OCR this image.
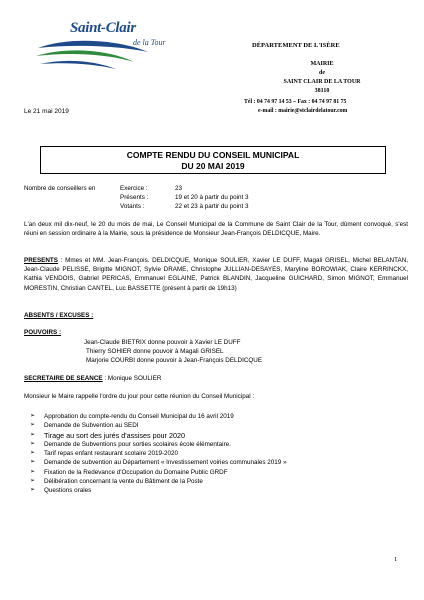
Saint-Clair
de la Tour	DÉPARTEMENT DE L'ISÈRE
MAIRIE
de
SAINT CLAIR DE LA TOUR
38110
Tél : 04 74 97 14 53 – Fax : 04 74 97 81 75
e-mail : mairie@stclairdelatour.com
Le 21 mai 2019
COMPTE RENDU DU CONSEIL MUNICIPAL
DU 20 MAI 2019
Nombre de conseillers en	Exercice :	23
Présents :	19 et 20 à partir du point 3
Votants :	22 et 23 à partir du point 3
L'an deux mil dix-neuf, le 20 du mois de mai, Le Conseil Municipal de la Commune de Saint Clair de la Tour, dûment convoqué, s'est réuni en session ordinaire à la Mairie, sous la présidence de Monsieur Jean-François DELDICQUE, Maire.
PRESENTS : Mmes et MM. Jean-François. DELDICQUE, Monique SOULIER, Xavier LE DUFF, Magali GRISEL, Michel BELANTAN, Jean-Claude PELISSE, Brigitte MIGNOT, Sylvie DRAME, Christophe JULLIAN-DESAYES, Maryline BOROWIAK, Claire KERRINCKX, Kathia VENDOIS, Gabriel PERICAS, Emmanuel EGLAINE, Patrick BLANDIN, Jacqueline GUICHARD, Simon MIGNOT, Emmanuel MORESTIN, Christian CANTEL, Luc BASSETTE (présent à partir de 19h13)
ABSENTS / EXCUSES :
POUVOIRS :
Jean-Claude BIETRIX donne pouvoir à Xavier LE DUFF
Thierry SOHIER donne pouvoir à Magali GRISEL
Marjorie COURBI donne pouvoir à Jean-François DELDICQUE
SECRETAIRE DE SEANCE : Monique SOULIER
Monsieur le Maire rappelle l'ordre du jour pour cette réunion du Conseil Municipal :
➢	Approbation du compte-rendu du Conseil Municipal du 16 avril 2019
➢	Demande de Subvention au SEDI
➢	Tirage au sort des jurés d'assises pour 2020
➢	Demande de Subventions pour sorties scolaires école élémentaire.
➢	Tarif repas enfant restaurant scolaire 2019-2020
➢	Demande de subvention au Département « Investissement voiries communales 2019 »
➢	Fixation de la Redevance d'Occupation du Domaine Public GRDF
➢	Délibération concernant la vente du Bâtiment de la Poste
➢	Questions orales
1
